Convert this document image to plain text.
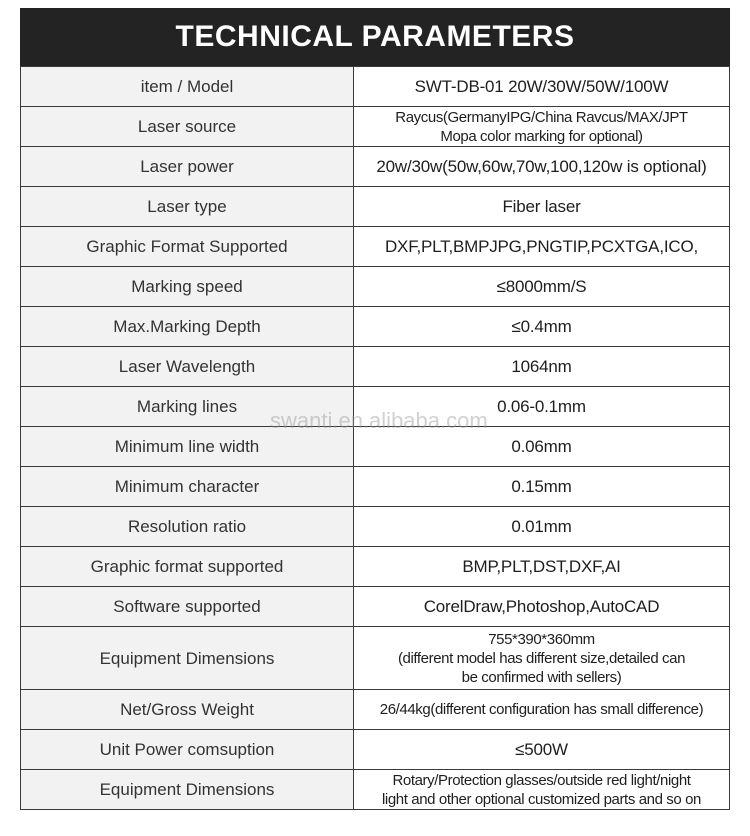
TECHNICAL PARAMETERS
item / Model	SWT-DB-01 20W/30W/50W/100W
Laser source	Raycus(GermanyIPG/China Ravcus/MAX/JPT
Mopa color marking for optional)
Laser power	20w/30w(50w,60w,70w,100,120w is optional)
Laser type	Fiber laser
Graphic Format Supported	DXF,PLT,BMPJPG,PNGTIP,PCXTGA,ICO,
Marking speed	≤8000mm/S
Max.Marking Depth	≤0.4mm
Laser Wavelength	1064nm
Marking lines	0.06-0.1mm
Minimum line width	0.06mm
Minimum character	0.15mm
Resolution ratio	0.01mm
Graphic format supported	BMP,PLT,DST,DXF,AI
Software supported	CorelDraw,Photoshop,AutoCAD
Equipment Dimensions	755*390*360mm
(different model has different size,detailed can
be confirmed with sellers)
Net/Gross Weight	26/44kg(different configuration has small difference)
Unit Power comsuption	≤500W
Equipment Dimensions	Rotary/Protection glasses/outside red light/night
light and other optional customized parts and so on
swanti.en.alibaba.com
